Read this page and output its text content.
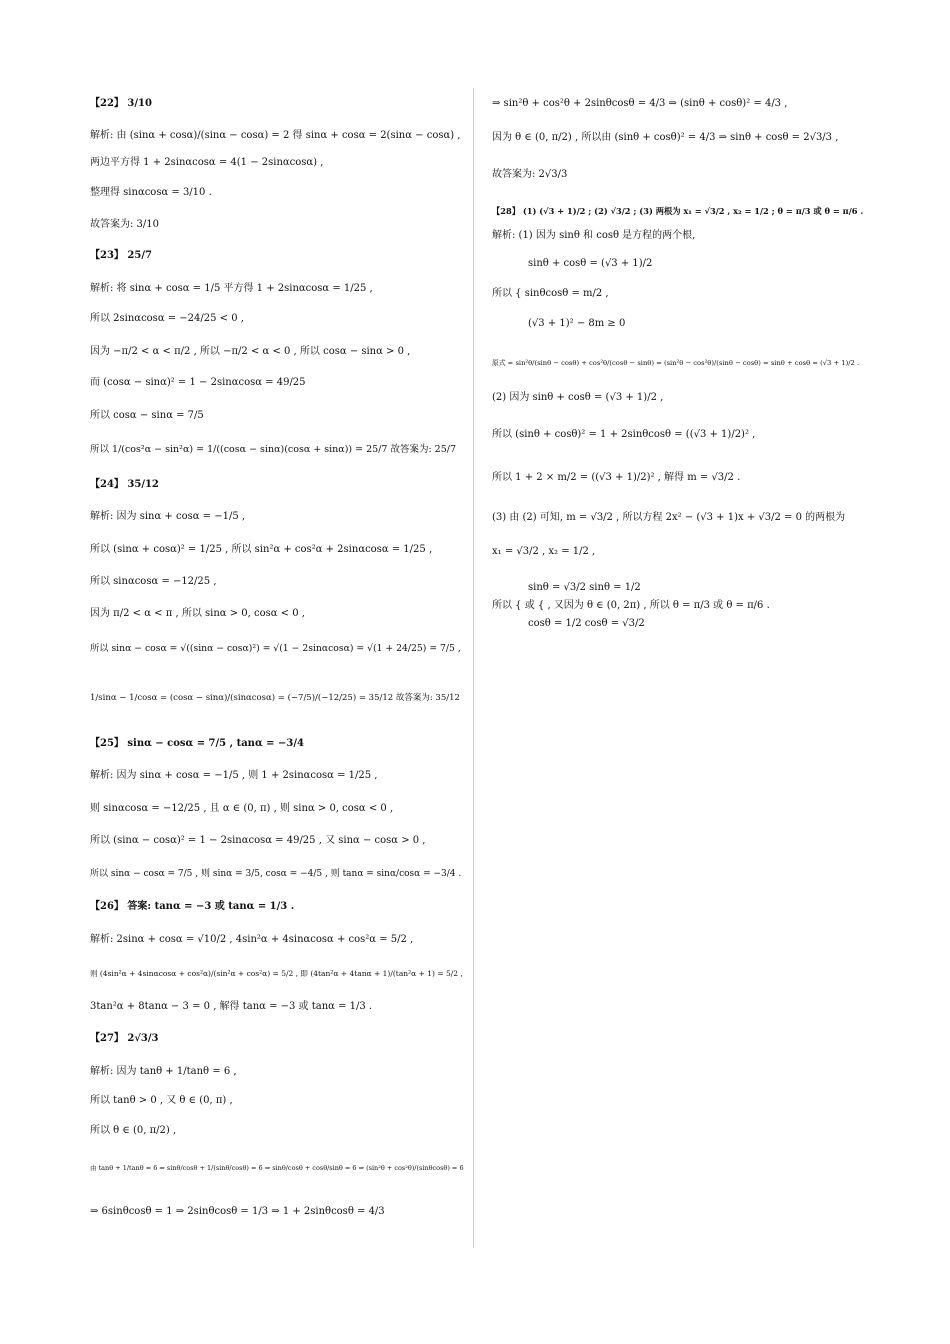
【22】 3/10
解析: 由 (sinα + cosα)/(sinα − cosα) = 2 得 sinα + cosα = 2(sinα − cosα) ,
两边平方得 1 + 2sinαcosα = 4(1 − 2sinαcosα) ,
整理得 sinαcosα = 3/10 .
故答案为: 3/10
【23】 25/7
解析: 将 sinα + cosα = 1/5 平方得 1 + 2sinαcosα = 1/25 ,
所以 2sinαcosα = −24/25 < 0 ,
因为 −π/2 < α < π/2 , 所以 −π/2 < α < 0 , 所以 cosα − sinα > 0 ,
而 (cosα − sinα)² = 1 − 2sinαcosα = 49/25
所以 cosα − sinα = 7/5
所以 1/(cos²α − sin²α) = 1/((cosα − sinα)(cosα + sinα)) = 25/7 故答案为: 25/7
【24】 35/12
解析: 因为 sinα + cosα = −1/5 ,
所以 (sinα + cosα)² = 1/25 , 所以 sin²α + cos²α + 2sinαcosα = 1/25 ,
所以 sinαcosα = −12/25 ,
因为 π/2 < α < π , 所以 sinα > 0, cosα < 0 ,
所以 sinα − cosα = √((sinα − cosα)²) = √(1 − 2sinαcosα) = √(1 + 24/25) = 7/5 ,
1/sinα − 1/cosα = (cosα − sinα)/(sinαcosα) = (−7/5)/(−12/25) = 35/12 故答案为: 35/12
【25】 sinα − cosα = 7/5 , tanα = −3/4
解析: 因为 sinα + cosα = −1/5 , 则 1 + 2sinαcosα = 1/25 ,
则 sinαcosα = −12/25 , 且 α ∈ (0, π) , 则 sinα > 0, cosα < 0 ,
所以 (sinα − cosα)² = 1 − 2sinαcosα = 49/25 , 又 sinα − cosα > 0 ,
所以 sinα − cosα = 7/5 , 则 sinα = 3/5, cosα = −4/5 , 则 tanα = sinα/cosα = −3/4 .
【26】 答案: tanα = −3 或 tanα = 1/3 .
解析: 2sinα + cosα = √10/2 , 4sin²α + 4sinαcosα + cos²α = 5/2 ,
则 (4sin²α + 4sinαcosα + cos²α)/(sin²α + cos²α) = 5/2 , 即 (4tan²α + 4tanα + 1)/(tan²α + 1) = 5/2 ,
3tan²α + 8tanα − 3 = 0 , 解得 tanα = −3 或 tanα = 1/3 .
【27】 2√3/3
解析: 因为 tanθ + 1/tanθ = 6 ,
所以 tanθ > 0 , 又 θ ∈ (0, π) ,
所以 θ ∈ (0, π/2) ,
由 tanθ + 1/tanθ = 6 ⇒ sinθ/cosθ + 1/(sinθ/cosθ) = 6 ⇒ sinθ/cosθ + cosθ/sinθ = 6 ⇒ (sin²θ + cos²θ)/(sinθcosθ) = 6
⇒ 6sinθcosθ = 1 ⇒ 2sinθcosθ = 1/3 ⇒ 1 + 2sinθcosθ = 4/3
⇒ sin²θ + cos²θ + 2sinθcosθ = 4/3 ⇒ (sinθ + cosθ)² = 4/3 ,
因为 θ ∈ (0, π/2) , 所以由 (sinθ + cosθ)² = 4/3 ⇒ sinθ + cosθ = 2√3/3 ,
故答案为: 2√3/3
【28】 (1) (√3 + 1)/2 ; (2) √3/2 ; (3) 两根为 x₁ = √3/2 , x₂ = 1/2 ; θ = π/3 或 θ = π/6 .
解析: (1) 因为 sinθ 和 cosθ 是方程的两个根,
sinθ + cosθ = (√3 + 1)/2
所以 { sinθcosθ = m/2 ,
(√3 + 1)² − 8m ≥ 0
原式 = sin²θ/(sinθ − cosθ) + cos²θ/(cosθ − sinθ) = (sin²θ − cos²θ)/(sinθ − cosθ) = sinθ + cosθ = (√3 + 1)/2 .
(2) 因为 sinθ + cosθ = (√3 + 1)/2 ,
所以 (sinθ + cosθ)² = 1 + 2sinθcosθ = ((√3 + 1)/2)² ,
所以 1 + 2 × m/2 = ((√3 + 1)/2)² , 解得 m = √3/2 .
(3) 由 (2) 可知, m = √3/2 , 所以方程 2x² − (√3 + 1)x + √3/2 = 0 的两根为
x₁ = √3/2 , x₂ = 1/2 ,
sinθ = √3/2 sinθ = 1/2
所以 { 或 { , 又因为 θ ∈ (0, 2π) , 所以 θ = π/3 或 θ = π/6 .
cosθ = 1/2 cosθ = √3/2
